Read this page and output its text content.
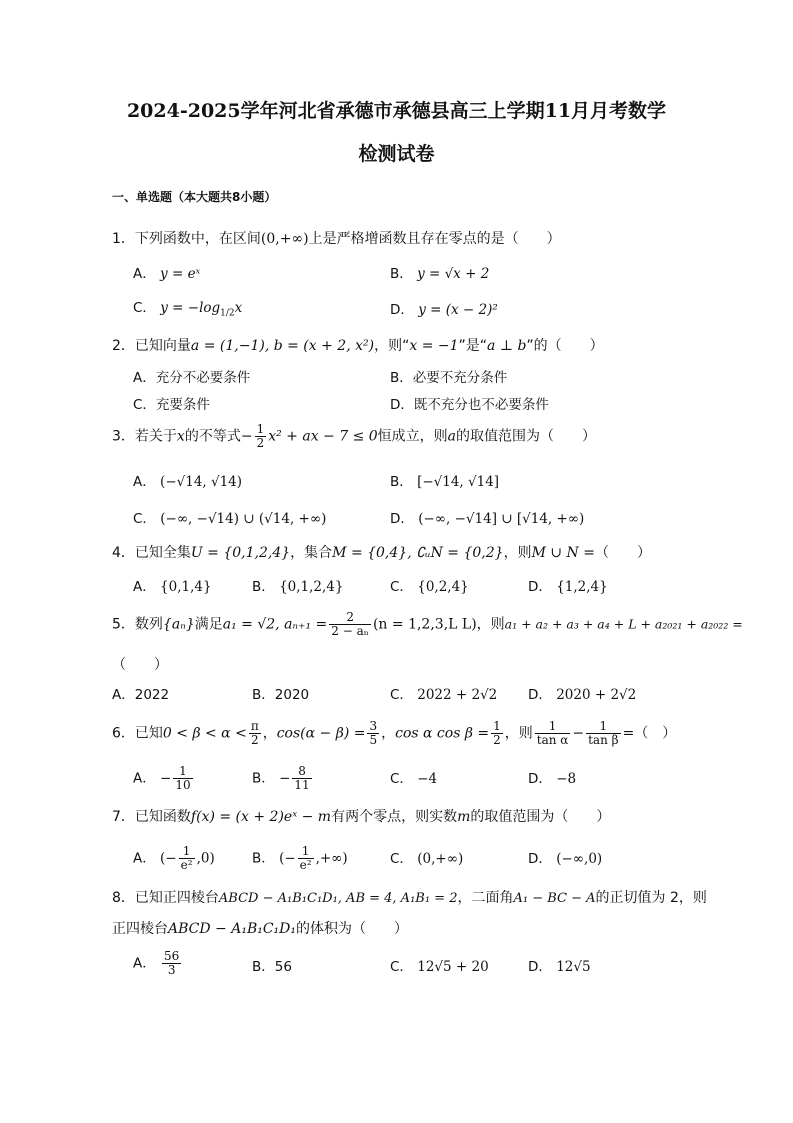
2024-2025学年河北省承德市承德县高三上学期11月月考数学
检测试卷
一、单选题（本大题共8小题）
1．下列函数中，在区间(0,+∞)上是严格增函数且存在零点的是（　　）
A． y = eˣ	B． y = √x + 2
C． $y = -\log_{1/2}x$	D． y = (x − 2)²
2．已知向量a = (1,−1), b = (x + 2, x²)，则“x = −1”是“a ⊥ b”的（　　）
A．充分不必要条件	B．必要不充分条件
C．充要条件	D．既不充分也不必要条件
3．若关于x的不等式− $\frac{1}{2} x^2$ + ax − 7 ≤ 0恒成立，则a的取值范围为（　　）
A． (−√14, √14)	B． [−√14, √14]
C． (−∞, −√14) ∪ (√14, +∞)	D． (−∞, −√14] ∪ [√14, +∞)
4．已知全集U = {0,1,2,4}，集合M = {0,4}, ∁ᵤN = {0,2}，则M ∪ N =（　　）
A． {0,1,4}	B． {0,1,2,4}	C． {0,2,4}	D． {1,2,4}
5．数列{aₙ}满足a₁ = √2, $a_{n+1} = \frac{2}{\text{2 − aₙ}} (n = 1,2,3,L$ L)，则a₁ + a₂ + a₃ + a₄ + L + a₂₀₂₁ + a₂₀₂₂ =
（　　）
A．2022	B．2020	C． 2022 + 2√2 D． 2020 + 2√2
6．已知$0 < \beta < \alpha < \frac{\pi}{2}$ ，$\cos(\alpha - \beta) = \frac{3}{5}$ ，cos α $\cos \beta = \frac{1}{2}$ ，则 $\frac{1}{\text{tan α}} - \frac{1}{\text{tan β}}$ =（　）
A． − $\frac{1}{10}$	B． − $\frac{8}{11}$	C． −4	D． −8
7．已知函数f(x) = (x + 2)eˣ − m有两个零点，则实数m的取值范围为（　　）
A． (− $\frac{1}{\text{e²}} ,0$)	B． (− $\frac{1}{\text{e²}}$ ,+∞)	C． (0,+∞)	D． (−∞,0)
8．已知正四棱台ABCD − A₁B₁C₁D₁, AB = 4, A₁B₁ = 2，二面角A₁ − BC − A的正切值为 2，则
正四棱台ABCD − A₁B₁C₁D₁的体积为（　　）
A． $\frac{56}{3}$	B．56	C． 12√5 + 20	D． 12√5
